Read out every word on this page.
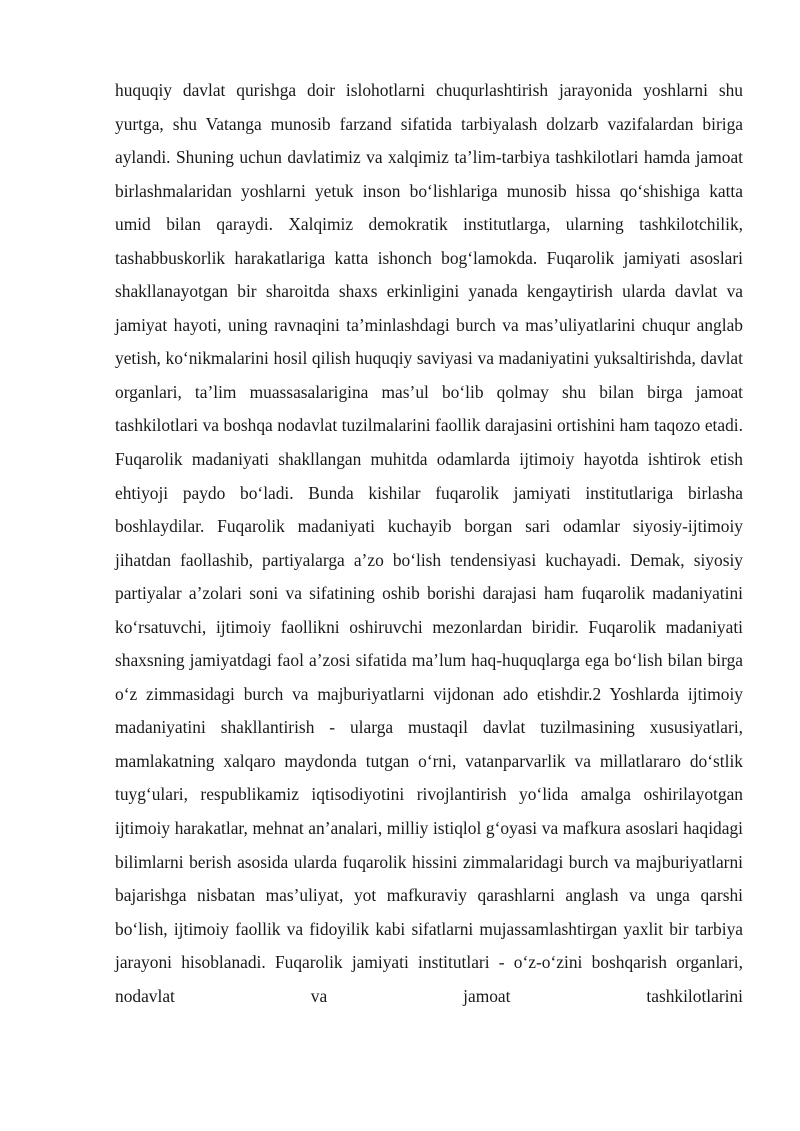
huquqiy davlat qurishga doir islohotlarni chuqurlashtirish jarayonida yoshlarni shu yurtga, shu Vatanga munosib farzand sifatida tarbiyalash dolzarb vazifalardan biriga aylandi. Shuning uchun davlatimiz va xalqimiz ta’lim-tarbiya tashkilotlari hamda jamoat birlashmalaridan yoshlarni yetuk inson bo‘lishlariga munosib hissa qo‘shishiga katta umid bilan qaraydi. Xalqimiz demokratik institutlarga, ularning tashkilotchilik, tashabbuskorlik harakatlariga katta ishonch bog‘lamokda. Fuqarolik jamiyati asoslari shakllanayotgan bir sharoitda shaxs erkinligini yanada kengaytirish ularda davlat va jamiyat hayoti, uning ravnaqini ta’minlashdagi burch va mas’uliyatlarini chuqur anglab yetish, ko‘nikmalarini hosil qilish huquqiy saviyasi va madaniyatini yuksaltirishda, davlat organlari, ta’lim muassasalarigina mas’ul bo‘lib qolmay shu bilan birga jamoat tashkilotlari va boshqa nodavlat tuzilmalarini faollik darajasini ortishini ham taqozo etadi. Fuqarolik madaniyati shakllangan muhitda odamlarda ijtimoiy hayotda ishtirok etish ehtiyoji paydo bo‘ladi. Bunda kishilar fuqarolik jamiyati institutlariga birlasha boshlaydilar. Fuqarolik madaniyati kuchayib borgan sari odamlar siyosiy-ijtimoiy jihatdan faollashib, partiyalarga a’zo bo‘lish tendensiyasi kuchayadi. Demak, siyosiy partiyalar a’zolari soni va sifatining oshib borishi darajasi ham fuqarolik madaniyatini ko‘rsatuvchi, ijtimoiy faollikni oshiruvchi mezonlardan biridir. Fuqarolik madaniyati shaxsning jamiyatdagi faol a’zosi sifatida ma’lum haq-huquqlarga ega bo‘lish bilan birga o‘z zimmasidagi burch va majburiyatlarni vijdonan ado etishdir.2 Yoshlarda ijtimoiy madaniyatini shakllantirish - ularga mustaqil davlat tuzilmasining xususiyatlari, mamlakatning xalqaro maydonda tutgan o‘rni, vatanparvarlik va millatlararo do‘stlik tuyg‘ulari, respublikamiz iqtisodiyotini rivojlantirish yo‘lida amalga oshirilayotgan ijtimoiy harakatlar, mehnat an’analari, milliy istiqlol g‘oyasi va mafkura asoslari haqidagi bilimlarni berish asosida ularda fuqarolik hissini zimmalaridagi burch va majburiyatlarni bajarishga nisbatan mas’uliyat, yot mafkuraviy qarashlarni anglash va unga qarshi bo‘lish, ijtimoiy faollik va fidoyilik kabi sifatlarni mujassamlashtirgan yaxlit bir tarbiya jarayoni hisoblanadi. Fuqarolik jamiyati institutlari - o‘z-o‘zini boshqarish organlari, nodavlat va jamoat tashkilotlarini
